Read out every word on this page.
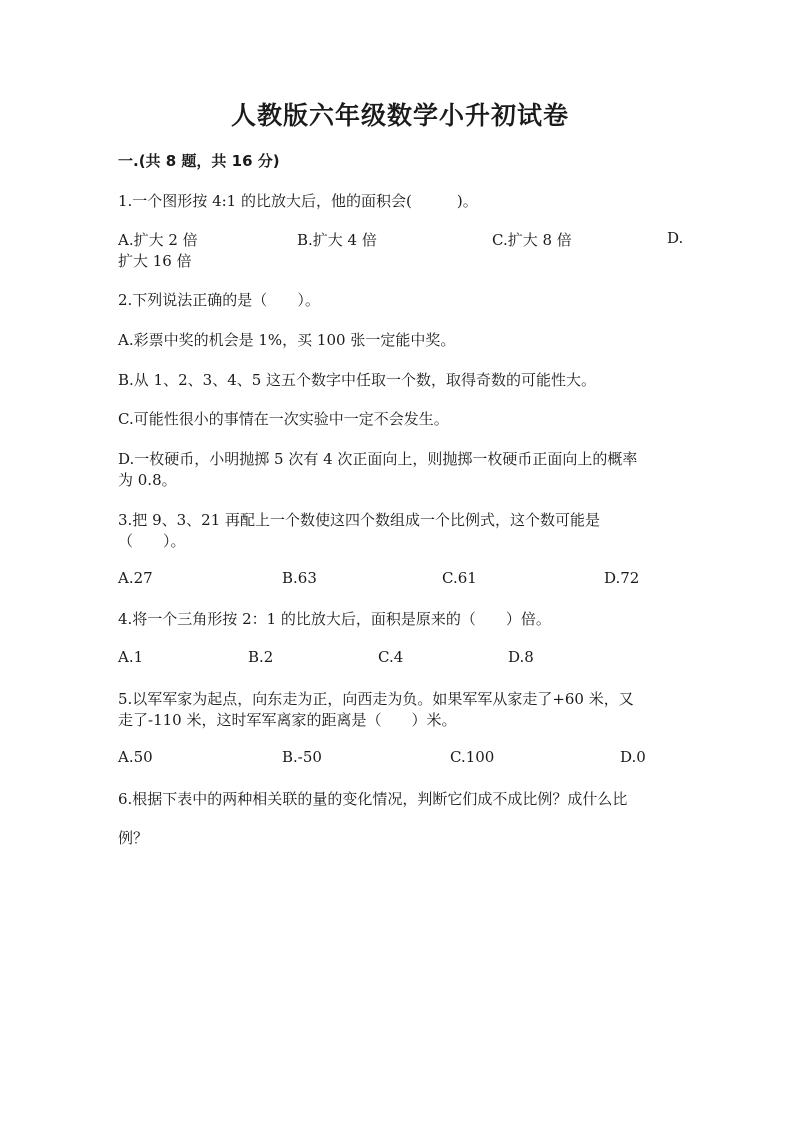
人教版六年级数学小升初试卷
一.(共 8 题，共 16 分)
1.一个图形按 4:1 的比放大后，他的面积会(　　　)。
A.扩大 2 倍	B.扩大 4 倍	C.扩大 8 倍	D.
扩大 16 倍
2.下列说法正确的是（　　）。
A.彩票中奖的机会是 1%，买 100 张一定能中奖。
B.从 1、2、3、4、5 这五个数字中任取一个数，取得奇数的可能性大。
C.可能性很小的事情在一次实验中一定不会发生。
D.一枚硬币，小明抛掷 5 次有 4 次正面向上，则抛掷一枚硬币正面向上的概率
为 0.8。
3.把 9、3、21 再配上一个数使这四个数组成一个比例式，这个数可能是
（　　）。
A.27	B.63	C.61	D.72
4.将一个三角形按 2：1 的比放大后，面积是原来的（　　）倍。
A.1	B.2	C.4	D.8
5.以军军家为起点，向东走为正，向西走为负。如果军军从家走了+60 米，又
走了-110 米，这时军军离家的距离是（　　）米。
A.50	B.-50	C.100	D.0
6.根据下表中的两种相关联的量的变化情况，判断它们成不成比例？成什么比
例？
